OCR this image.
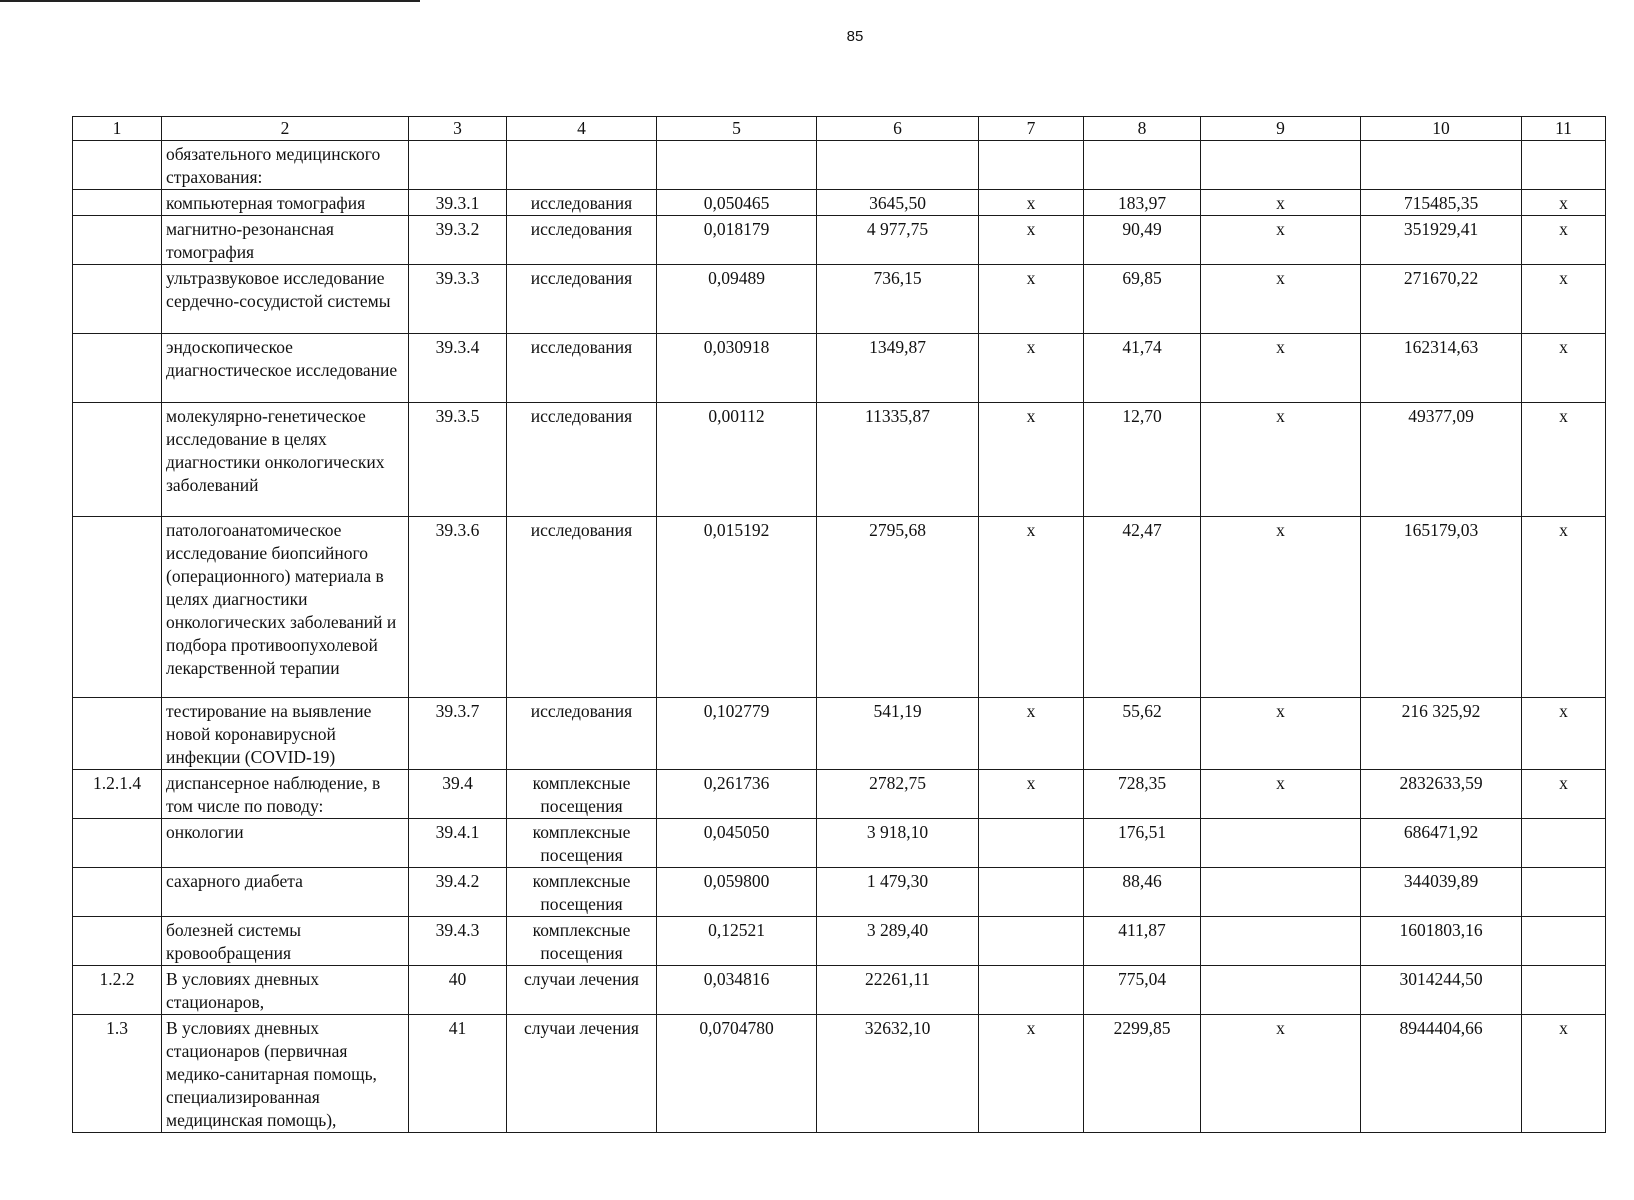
85
1	2	3	4	5	6	7	8	9	10	11
	обязательного медицинского страхования:									
	компьютерная томография	39.3.1	исследования	0,050465	3645,50	х	183,97	х	715485,35	х
	магнитно-резонансная томография	39.3.2	исследования	0,018179	4 977,75	х	90,49	х	351929,41	х
	ультразвуковое исследование сердечно-сосудистой системы	39.3.3	исследования	0,09489	736,15	х	69,85	х	271670,22	х
	эндоскопическое диагностическое исследование	39.3.4	исследования	0,030918	1349,87	х	41,74	х	162314,63	х
	молекулярно-генетическое исследование в целях диагностики онкологических заболеваний	39.3.5	исследования	0,00112	11335,87	х	12,70	х	49377,09	х
	патологоанатомическое исследование биопсийного (операционного) материала в целях диагностики онкологических заболеваний и подбора противоопухолевой лекарственной терапии	39.3.6	исследования	0,015192	2795,68	х	42,47	х	165179,03	х
	тестирование на выявление новой коронавирусной инфекции (COVID-19)	39.3.7	исследования	0,102779	541,19	х	55,62	х	216 325,92	х
1.2.1.4	диспансерное наблюдение, в том числе по поводу:	39.4	комплексные посещения	0,261736	2782,75	х	728,35	х	2832633,59	х
	онкологии	39.4.1	комплексные посещения	0,045050	3 918,10		176,51		686471,92	
	сахарного диабета	39.4.2	комплексные посещения	0,059800	1 479,30		88,46		344039,89	
	болезней системы кровообращения	39.4.3	комплексные посещения	0,12521	3 289,40		411,87		1601803,16	
1.2.2	В условиях дневных стационаров,	40	случаи лечения	0,034816	22261,11		775,04		3014244,50	
1.3	В условиях дневных стационаров (первичная медико-санитарная помощь, специализированная медицинская помощь),	41	случаи лечения	0,0704780	32632,10	х	2299,85	х	8944404,66	х
